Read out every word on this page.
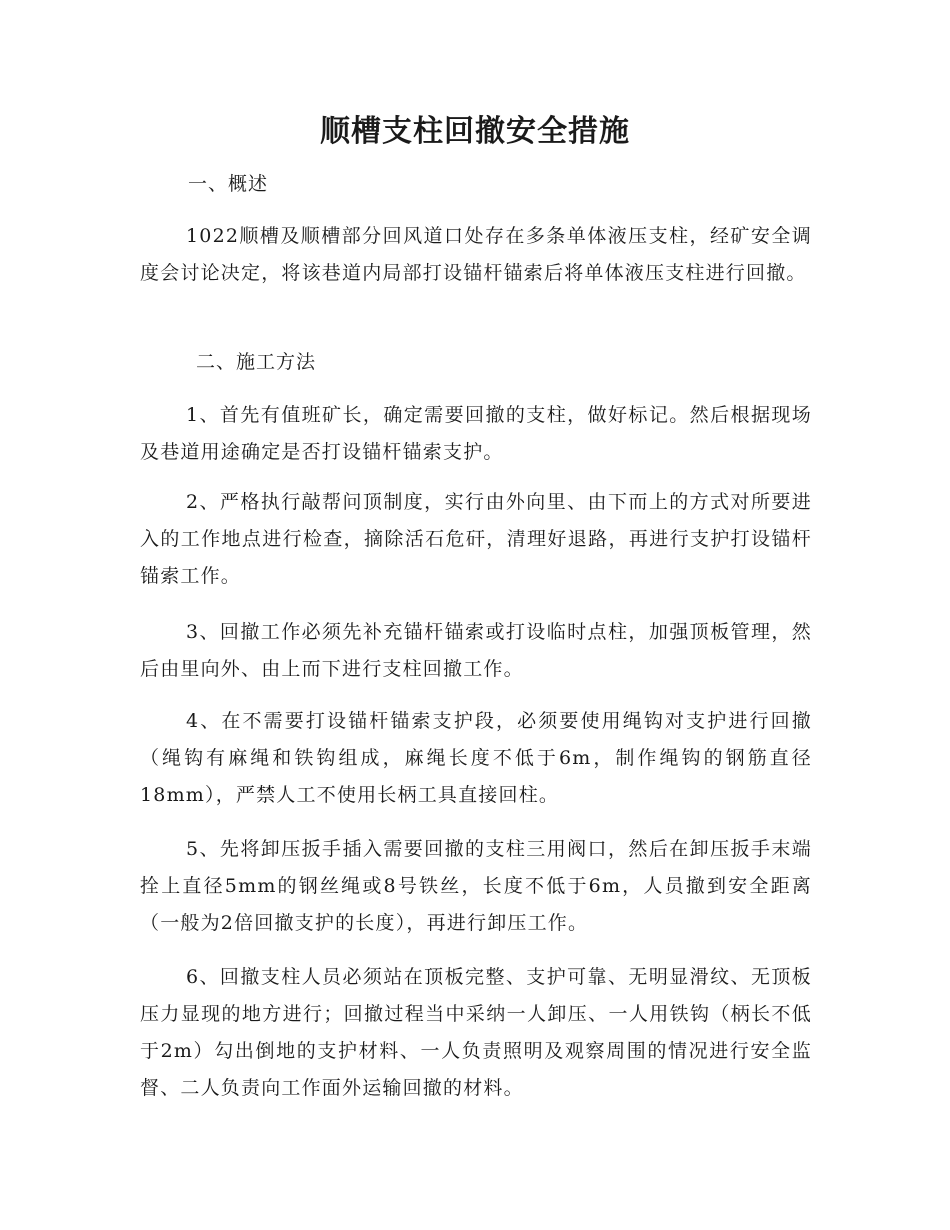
顺槽支柱回撤安全措施
一、概述
1022顺槽及顺槽部分回风道口处存在多条单体液压支柱，经矿安全调度会讨论决定，将该巷道内局部打设锚杆锚索后将单体液压支柱进行回撤。
二、施工方法
1、首先有值班矿长，确定需要回撤的支柱，做好标记。然后根据现场及巷道用途确定是否打设锚杆锚索支护。
2、严格执行敲帮问顶制度，实行由外向里、由下而上的方式对所要进入的工作地点进行检查，摘除活石危矸，清理好退路，再进行支护打设锚杆锚索工作。
3、回撤工作必须先补充锚杆锚索或打设临时点柱，加强顶板管理，然后由里向外、由上而下进行支柱回撤工作。
4、在不需要打设锚杆锚索支护段，必须要使用绳钩对支护进行回撤（绳钩有麻绳和铁钩组成，麻绳长度不低于6m，制作绳钩的钢筋直径18mm），严禁人工不使用长柄工具直接回柱。
5、先将卸压扳手插入需要回撤的支柱三用阀口，然后在卸压扳手末端拴上直径5mm的钢丝绳或8号铁丝，长度不低于6m，人员撤到安全距离（一般为2倍回撤支护的长度），再进行卸压工作。
6、回撤支柱人员必须站在顶板完整、支护可靠、无明显滑纹、无顶板压力显现的地方进行；回撤过程当中采纳一人卸压、一人用铁钩（柄长不低于2m）勾出倒地的支护材料、一人负责照明及观察周围的情况进行安全监督、二人负责向工作面外运输回撤的材料。
